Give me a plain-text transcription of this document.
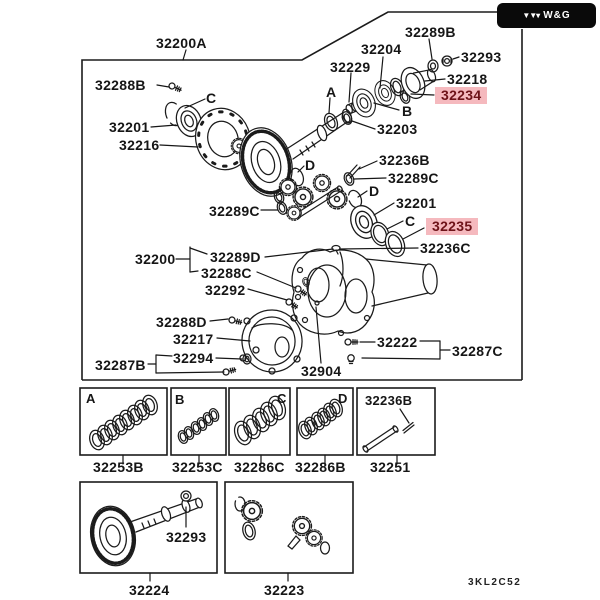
▼▼▾ W&G
32200A
32288B
C
32201
32216
32229
32204
32289B
32293
32218
32234
A
B
32203
32236B
32289C
D
32201
C	32235
32236C
D
32289C
32200 32289D
32288C
32292
32288D
32217
32294
32287B	32904
32222
32287C
A	B	C	D 32236B
32253B 32253C 32286C 32286B 32251
32293
32224	32223	3KL2C52
